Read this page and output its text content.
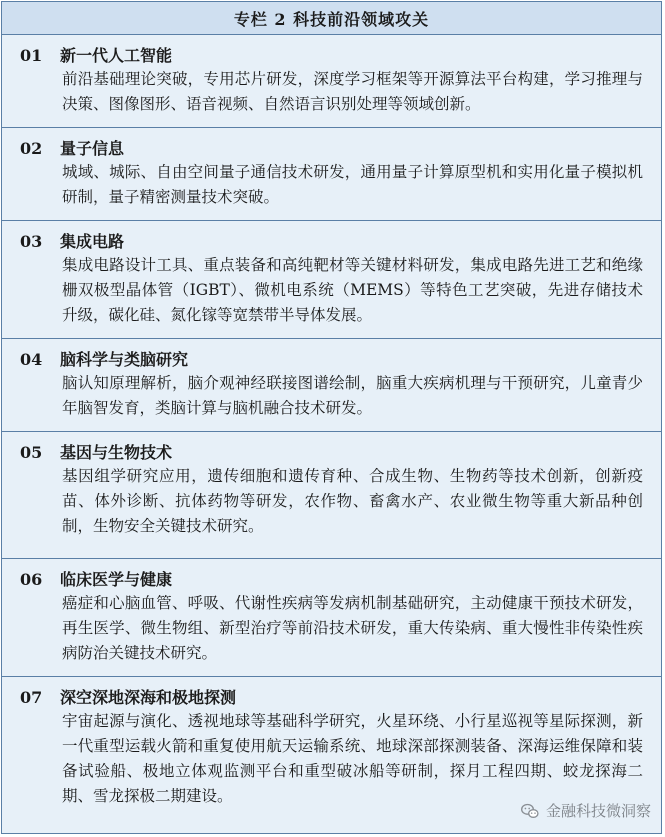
专栏 2 科技前沿领域攻关
01	新一代人工智能
前沿基础理论突破，专用芯片研发，深度学习框架等开源算法平台构建，学习推理与决策、图像图形、语音视频、自然语言识别处理等领域创新。
02	量子信息
城域、城际、自由空间量子通信技术研发，通用量子计算原型机和实用化量子模拟机研制，量子精密测量技术突破。
03	集成电路
集成电路设计工具、重点装备和高纯靶材等关键材料研发，集成电路先进工艺和绝缘栅双极型晶体管（IGBT）、微机电系统（MEMS）等特色工艺突破，先进存储技术升级，碳化硅、氮化镓等宽禁带半导体发展。
04	脑科学与类脑研究
脑认知原理解析，脑介观神经联接图谱绘制，脑重大疾病机理与干预研究，儿童青少年脑智发育，类脑计算与脑机融合技术研发。
05	基因与生物技术
基因组学研究应用，遗传细胞和遗传育种、合成生物、生物药等技术创新，创新疫苗、体外诊断、抗体药物等研发，农作物、畜禽水产、农业微生物等重大新品种创制，生物安全关键技术研究。
06	临床医学与健康
癌症和心脑血管、呼吸、代谢性疾病等发病机制基础研究，主动健康干预技术研发，再生医学、微生物组、新型治疗等前沿技术研发，重大传染病、重大慢性非传染性疾病防治关键技术研究。
07	深空深地深海和极地探测
宇宙起源与演化、透视地球等基础科学研究，火星环绕、小行星巡视等星际探测，新一代重型运载火箭和重复使用航天运输系统、地球深部探测装备、深海运维保障和装备试验船、极地立体观监测平台和重型破冰船等研制，探月工程四期、蛟龙探海二期、雪龙探极二期建设。
金融科技微洞察
